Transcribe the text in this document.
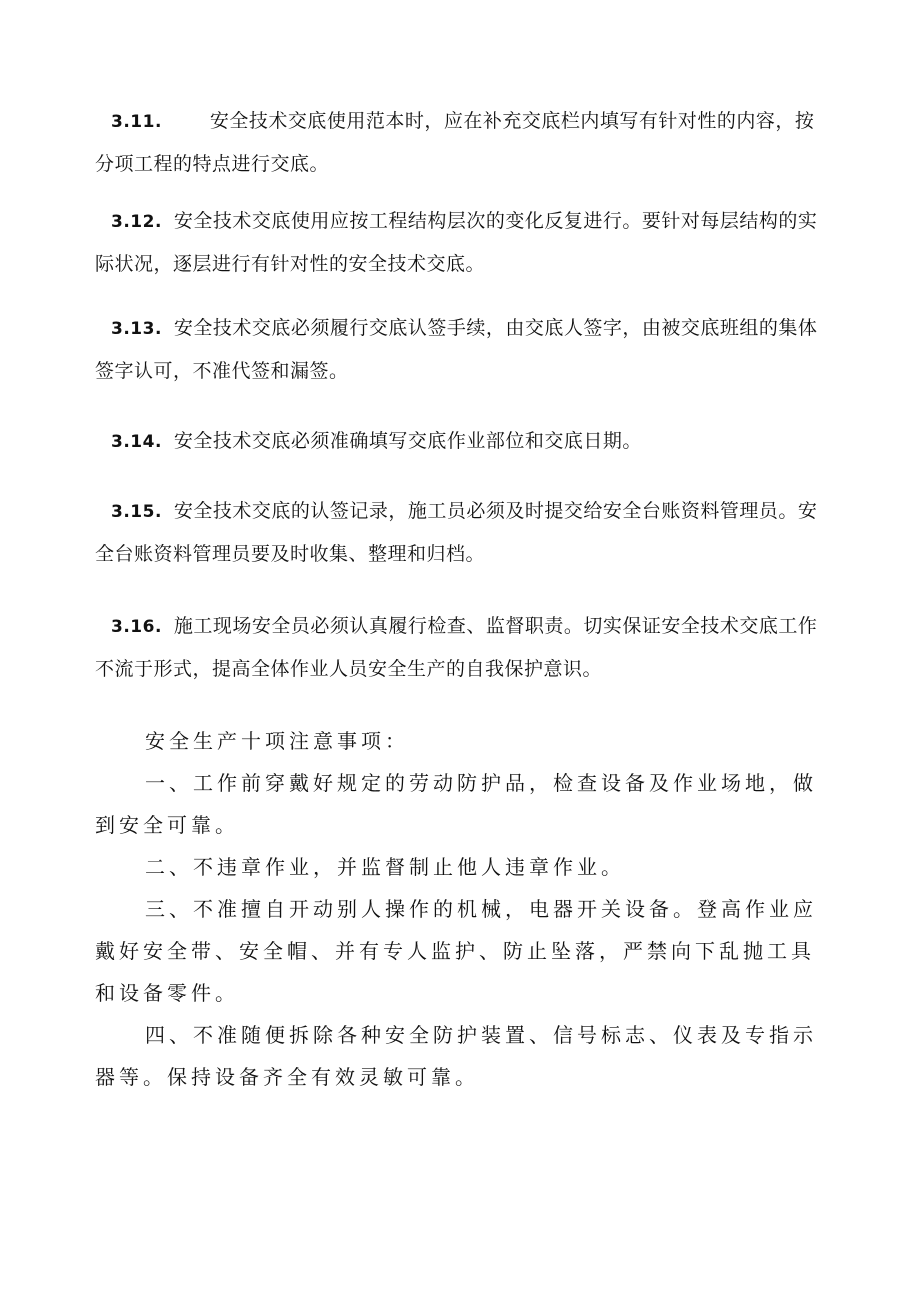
3.11.	安全技术交底使用范本时，应在补充交底栏内填写有针对性的内容，按分项工程的特点进行交底。
3.12. 安全技术交底使用应按工程结构层次的变化反复进行。要针对每层结构的实际状况，逐层进行有针对性的安全技术交底。
3.13. 安全技术交底必须履行交底认签手续，由交底人签字，由被交底班组的集体签字认可，不准代签和漏签。
3.14. 安全技术交底必须准确填写交底作业部位和交底日期。
3.15. 安全技术交底的认签记录，施工员必须及时提交给安全台账资料管理员。安全台账资料管理员要及时收集、整理和归档。
3.16. 施工现场安全员必须认真履行检查、监督职责。切实保证安全技术交底工作不流于形式，提高全体作业人员安全生产的自我保护意识。

安全生产十项注意事项：

一、工作前穿戴好规定的劳动防护品，检查设备及作业场地，做到安全可靠。

二、不违章作业，并监督制止他人违章作业。

三、不准擅自开动别人操作的机械，电器开关设备。登高作业应戴好安全带、安全帽、并有专人监护、防止坠落，严禁向下乱抛工具和设备零件。

四、不准随便拆除各种安全防护装置、信号标志、仪表及专指示器等。保持设备齐全有效灵敏可靠。
